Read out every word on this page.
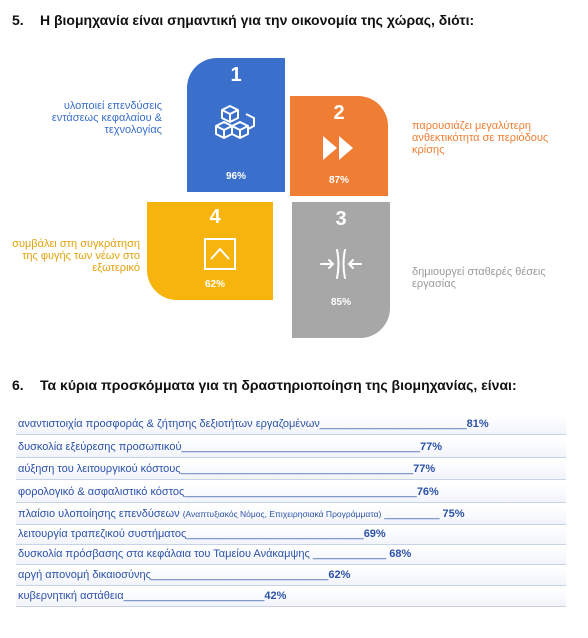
5. Η βιομηχανία είναι σημαντική για την οικονομία της χώρας, διότι:
1
96%
υλοποιεί επενδύσεις εντάσεως κεφαλαίου & τεχνολογίας
2
87%
παρουσιάζει μεγαλύτερη ανθεκτικότητα σε περιόδους κρίσης
3
85%
δημιουργεί σταθερές θέσεις εργασίας
4
62%
συμβάλει στη συγκράτηση της φυγής των νέων στο εξωτερικό
6. Τα κύρια προσκόμματα για τη δραστηριοποίηση της βιομηχανίας, είναι:
αναντιστοιχία προσφοράς & ζήτησης δεξιοτήτων εργαζομένων________________________81%
δυσκολία εξεύρεσης προσωπικού_______________________________________77%
αύξηση του λειτουργικού κόστους______________________________________77%
φορολογικό & ασφαλιστικό κόστος______________________________________76%
πλαίσιο υλοποίησης επενδύσεων (Αναπτυξιακός Νόμος, Επιχειρησιακά Προγράμματα) _________ 75%
λειτουργία τραπεζικού συστήματος_____________________________69%
δυσκολία πρόσβασης στα κεφάλαια του Ταμείου Ανάκαμψης ____________ 68%
αργή απονομή δικαιοσύνης_____________________________62%
κυβερνητική αστάθεια_______________________42%
